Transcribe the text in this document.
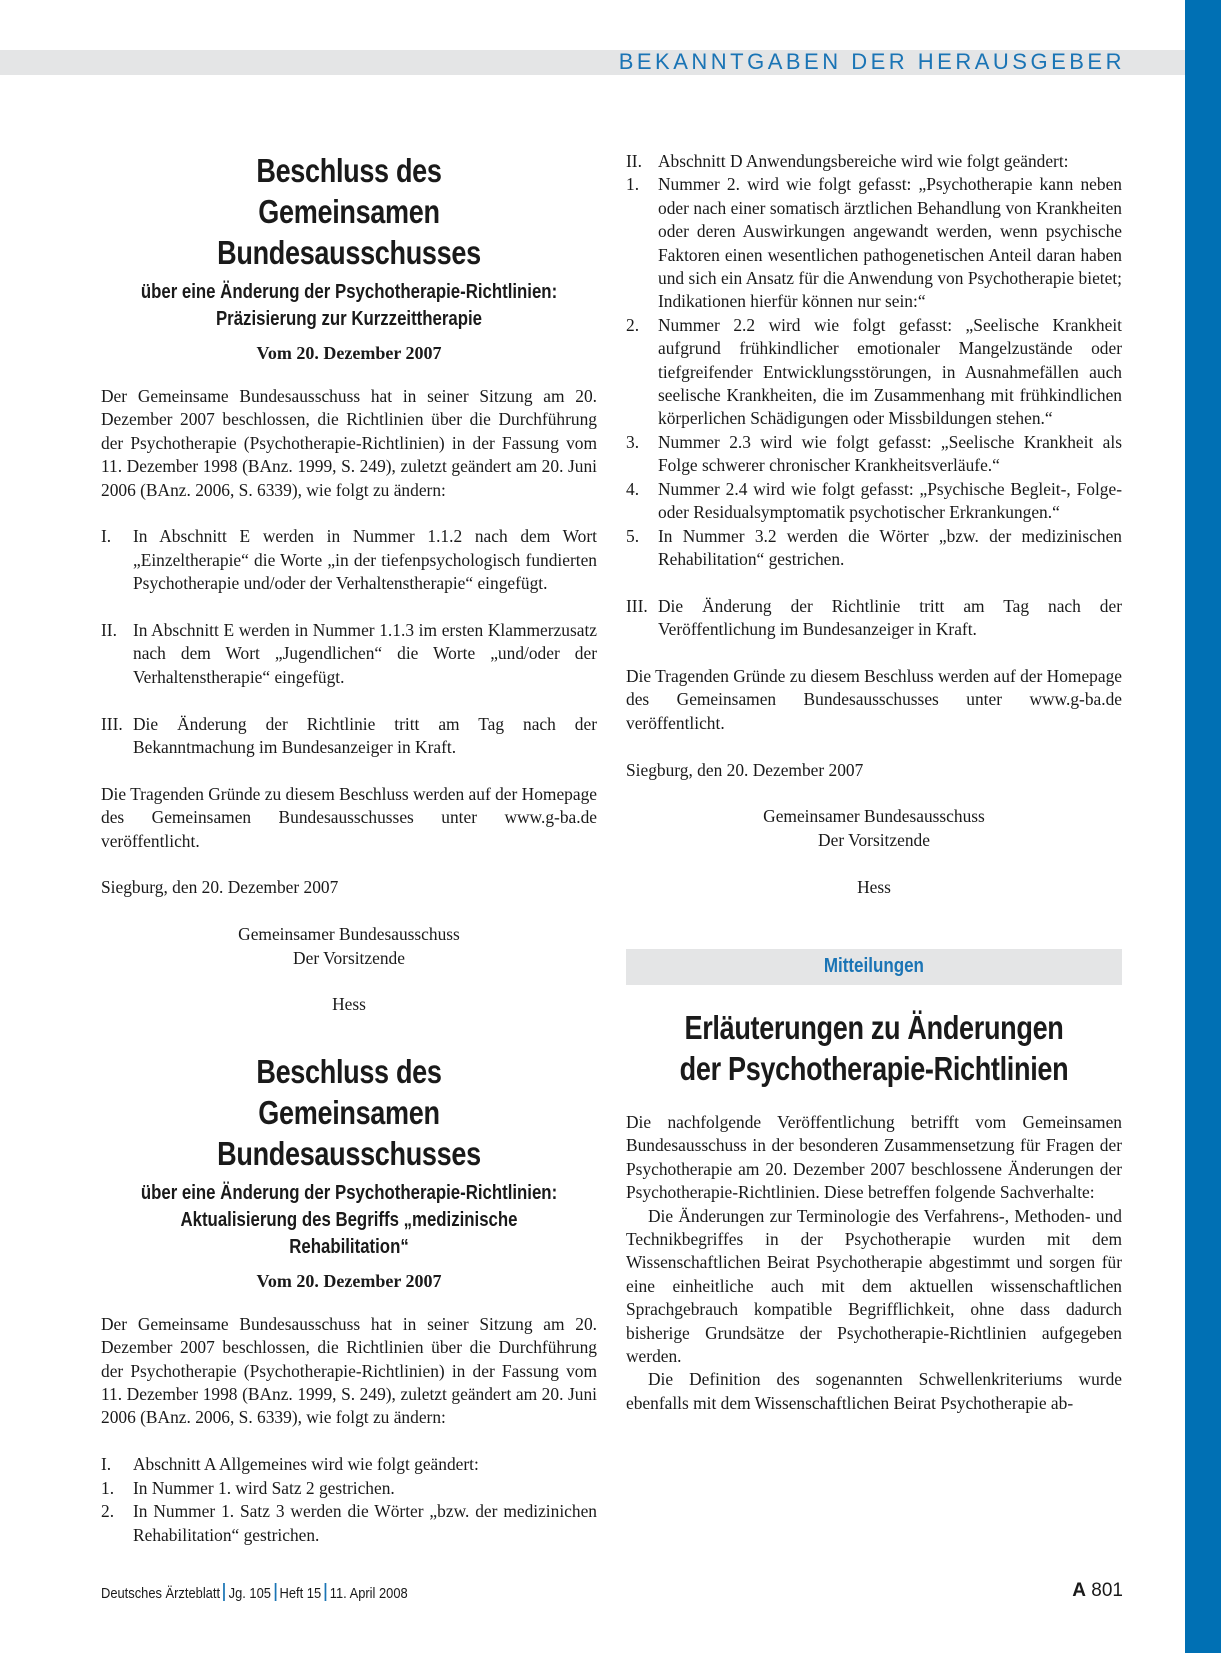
BEKANNTGABEN DER HERAUSGEBER
Beschluss des
Gemeinsamen Bundesausschusses
über eine Änderung der Psychotherapie-Richtlinien:
Präzisierung zur Kurzzeittherapie
Vom 20. Dezember 2007

Der Gemeinsame Bundesausschuss hat in seiner Sitzung am 20. Dezember 2007 beschlossen, die Richtlinien über die Durchführung der Psychotherapie (Psychotherapie-Richtlinien) in der Fassung vom 11. Dezember 1998 (BAnz. 1999, S. 249), zuletzt geändert am 20. Juni 2006 (BAnz. 2006, S. 6339), wie folgt zu ändern:

I.	In Abschnitt E werden in Nummer 1.1.2 nach dem Wort „Einzeltherapie“ die Worte „in der tiefenpsychologisch fundierten Psychotherapie und/oder der Verhaltenstherapie“ eingefügt.
II. In Abschnitt E werden in Nummer 1.1.3 im ersten Klammerzusatz nach dem Wort „Jugendlichen“ die Worte „und/oder der Verhaltenstherapie“ eingefügt.
III. Die Änderung der Richtlinie tritt am Tag nach der Bekanntmachung im Bundesanzeiger in Kraft.

Die Tragenden Gründe zu diesem Beschluss werden auf der Homepage des Gemeinsamen Bundesausschusses unter www.g-ba.de veröffentlicht.

Siegburg, den 20. Dezember 2007

Gemeinsamer Bundesausschuss

Der Vorsitzende

Hess

Beschluss des
Gemeinsamen Bundesausschusses
über eine Änderung der Psychotherapie-Richtlinien:
Aktualisierung des Begriffs „medizinische Rehabilitation“
Vom 20. Dezember 2007

Der Gemeinsame Bundesausschuss hat in seiner Sitzung am 20. Dezember 2007 beschlossen, die Richtlinien über die Durchführung der Psychotherapie (Psychotherapie-Richtlinien) in der Fassung vom 11. Dezember 1998 (BAnz. 1999, S. 249), zuletzt geändert am 20. Juni 2006 (BAnz. 2006, S. 6339), wie folgt zu ändern:

I.	Abschnitt A Allgemeines wird wie folgt geändert:
1.	In Nummer 1. wird Satz 2 gestrichen.
2.	In Nummer 1. Satz 3 werden die Wörter „bzw. der medizinichen Rehabilitation“ gestrichen.
II. Abschnitt D Anwendungsbereiche wird wie folgt geändert:
1.	Nummer 2. wird wie folgt gefasst: „Psychotherapie kann neben oder nach einer somatisch ärztlichen Behandlung von Krankheiten oder deren Auswirkungen angewandt werden, wenn psychische Faktoren einen wesentlichen pathogenetischen Anteil daran haben und sich ein Ansatz für die Anwendung von Psychotherapie bietet; Indikationen hierfür können nur sein:“
2.	Nummer 2.2 wird wie folgt gefasst: „Seelische Krankheit aufgrund frühkindlicher emotionaler Mangelzustände oder tiefgreifender Entwicklungsstörungen, in Ausnahmefällen auch seelische Krankheiten, die im Zusammenhang mit frühkindlichen körperlichen Schädigungen oder Missbildungen stehen.“
3.	Nummer 2.3 wird wie folgt gefasst: „Seelische Krankheit als Folge schwerer chronischer Krankheitsverläufe.“
4.	Nummer 2.4 wird wie folgt gefasst: „Psychische Begleit-, Folge- oder Residualsymptomatik psychotischer Erkrankungen.“
5.	In Nummer 3.2 werden die Wörter „bzw. der medizinischen Rehabilitation“ gestrichen.
III. Die Änderung der Richtlinie tritt am Tag nach der Veröffentlichung im Bundesanzeiger in Kraft.

Die Tragenden Gründe zu diesem Beschluss werden auf der Homepage des Gemeinsamen Bundesausschusses unter www.g-ba.de veröffentlicht.

Siegburg, den 20. Dezember 2007

Gemeinsamer Bundesausschuss

Der Vorsitzende

Hess

Mitteilungen
Erläuterungen zu Änderungen
der Psychotherapie-Richtlinien

Die nachfolgende Veröffentlichung betrifft vom Gemeinsamen Bundesausschuss in der besonderen Zusammensetzung für Fragen der Psychotherapie am 20. Dezember 2007 beschlossene Änderungen der Psychotherapie-Richtlinien. Diese betreffen folgende Sachverhalte:

Die Änderungen zur Terminologie des Verfahrens-, Methoden- und Technikbegriffes in der Psychotherapie wurden mit dem Wissenschaftlichen Beirat Psychotherapie abgestimmt und sorgen für eine einheitliche auch mit dem aktuellen wissenschaftlichen Sprachgebrauch kompatible Begrifflichkeit, ohne dass dadurch bisherige Grundsätze der Psychotherapie-Richtlinien aufgegeben werden.

Die Definition des sogenannten Schwellenkriteriums wurde ebenfalls mit dem Wissenschaftlichen Beirat Psychotherapie ab-

Deutsches Ärzteblatt Jg. 105 Heft 15 11. April 2008	A 801
